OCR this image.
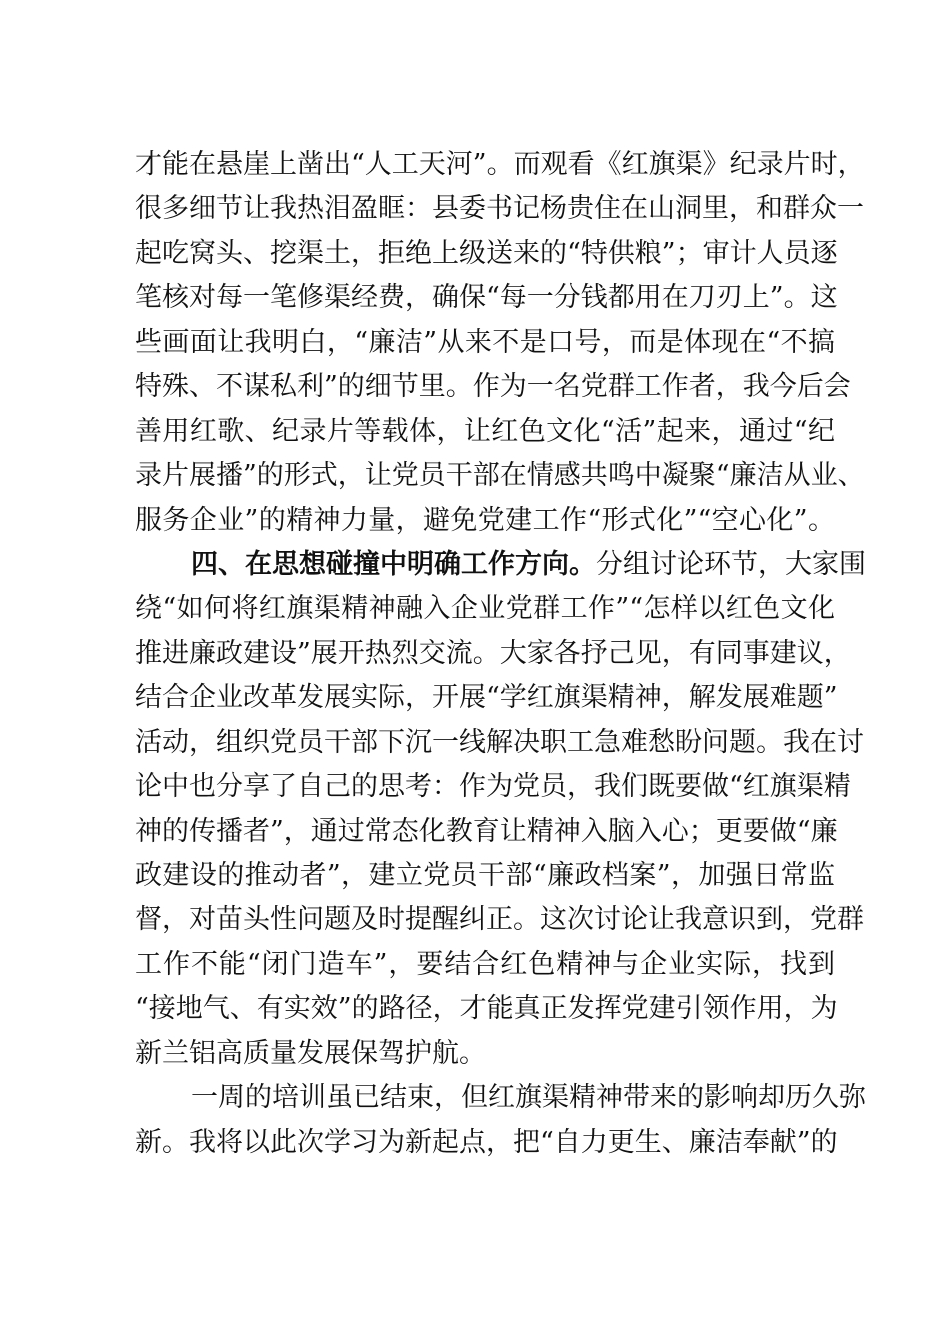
才能在悬崖上凿出“人工天河”。而观看《红旗渠》纪录片时，
很多细节让我热泪盈眶：县委书记杨贵住在山洞里，和群众一
起吃窝头、挖渠土，拒绝上级送来的“特供粮”；审计人员逐
笔核对每一笔修渠经费，确保“每一分钱都用在刀刃上”。这
些画面让我明白，“廉洁”从来不是口号，而是体现在“不搞
特殊、不谋私利”的细节里。作为一名党群工作者，我今后会
善用红歌、纪录片等载体，让红色文化“活”起来，通过“纪
录片展播”的形式，让党员干部在情感共鸣中凝聚“廉洁从业、
服务企业”的精神力量，避免党建工作“形式化”“空心化”。
四、在思想碰撞中明确工作方向。分组讨论环节，大家围
绕“如何将红旗渠精神融入企业党群工作”“怎样以红色文化
推进廉政建设”展开热烈交流。大家各抒己见，有同事建议，
结合企业改革发展实际，开展“学红旗渠精神，解发展难题”
活动，组织党员干部下沉一线解决职工急难愁盼问题。我在讨
论中也分享了自己的思考：作为党员，我们既要做“红旗渠精
神的传播者”，通过常态化教育让精神入脑入心；更要做“廉
政建设的推动者”，建立党员干部“廉政档案”，加强日常监
督，对苗头性问题及时提醒纠正。这次讨论让我意识到，党群
工作不能“闭门造车”，要结合红色精神与企业实际，找到
“接地气、有实效”的路径，才能真正发挥党建引领作用，为
新兰铝高质量发展保驾护航。
一周的培训虽已结束，但红旗渠精神带来的影响却历久弥
新。我将以此次学习为新起点，把“自力更生、廉洁奉献”的
